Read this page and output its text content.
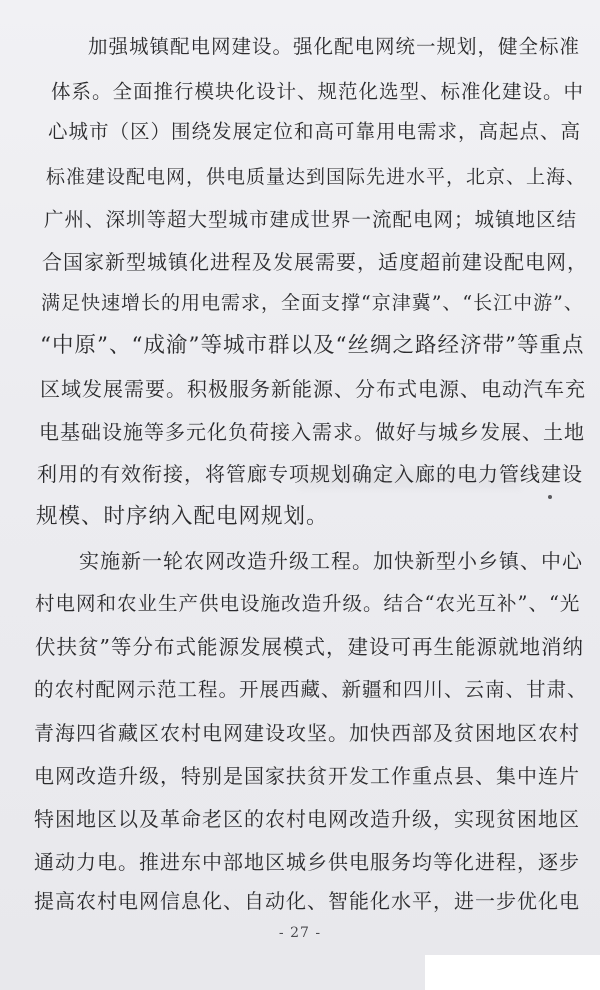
加强城镇配电网建设。强化配电网统一规划，健全标准
体系。全面推行模块化设计、规范化选型、标准化建设。中
心城市（区）围绕发展定位和高可靠用电需求，高起点、高
标准建设配电网，供电质量达到国际先进水平，北京、上海、
广州、深圳等超大型城市建成世界一流配电网；城镇地区结
合国家新型城镇化进程及发展需要，适度超前建设配电网，
满足快速增长的用电需求，全面支撑“京津冀”、“长江中游”、
“中原”、“成渝”等城市群以及“丝绸之路经济带”等重点
区域发展需要。积极服务新能源、分布式电源、电动汽车充
电基础设施等多元化负荷接入需求。做好与城乡发展、土地
利用的有效衔接，将管廊专项规划确定入廊的电力管线建设
规模、时序纳入配电网规划。
实施新一轮农网改造升级工程。加快新型小乡镇、中心
村电网和农业生产供电设施改造升级。结合“农光互补”、“光
伏扶贫”等分布式能源发展模式，建设可再生能源就地消纳
的农村配网示范工程。开展西藏、新疆和四川、云南、甘肃、
青海四省藏区农村电网建设攻坚。加快西部及贫困地区农村
电网改造升级，特别是国家扶贫开发工作重点县、集中连片
特困地区以及革命老区的农村电网改造升级，实现贫困地区
通动力电。推进东中部地区城乡供电服务均等化进程，逐步
提高农村电网信息化、自动化、智能化水平，进一步优化电
- 27 -
